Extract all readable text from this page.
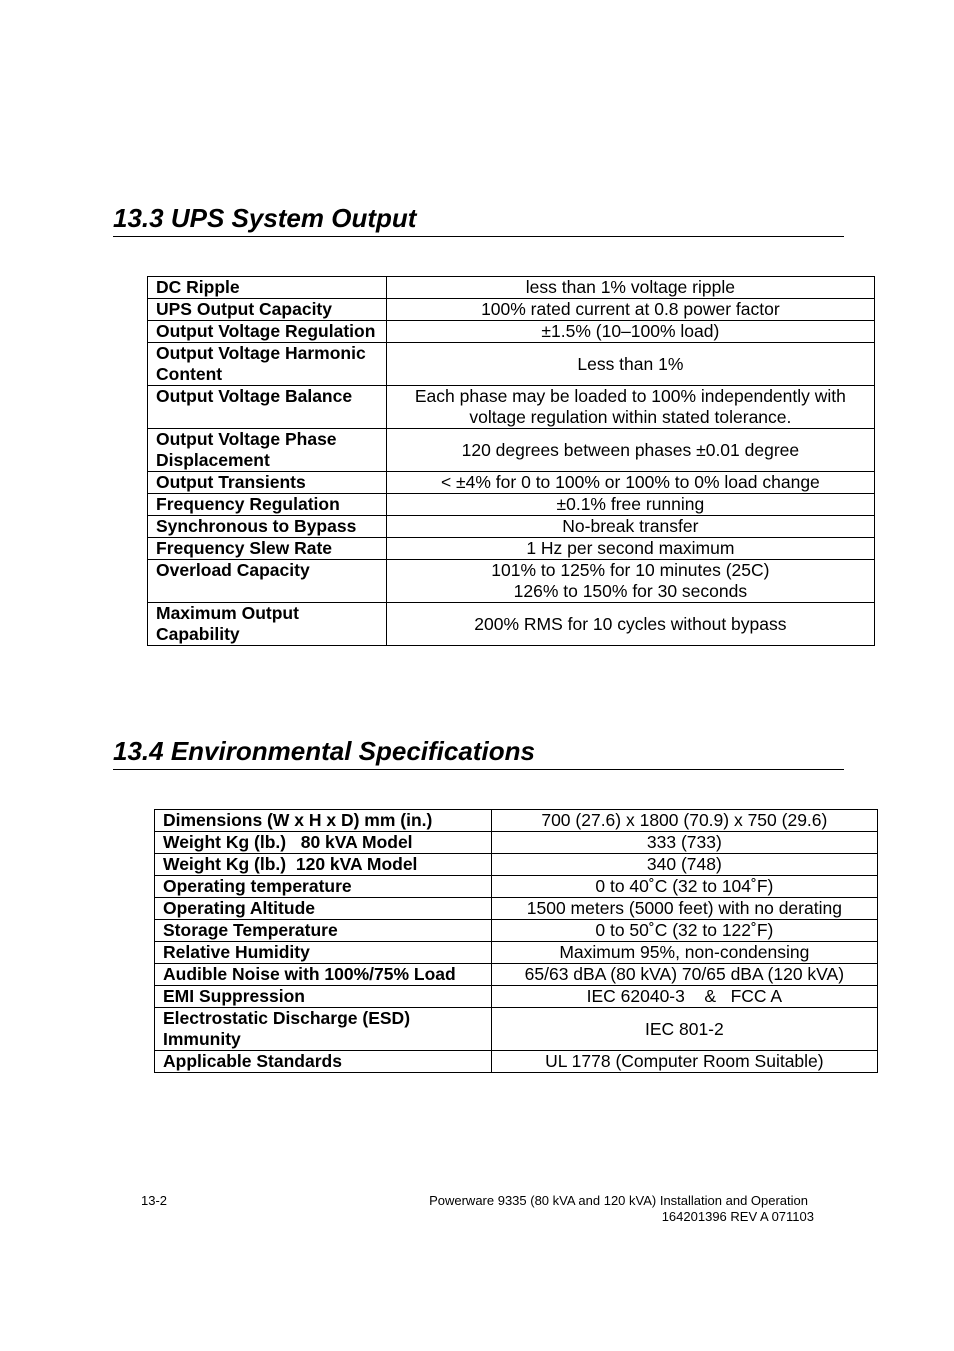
13.3 UPS System Output
DC Ripple	less than 1% voltage ripple
UPS Output Capacity	100% rated current at 0.8 power factor
Output Voltage Regulation	±1.5% (10–100% load)
Output Voltage Harmonic Content	Less than 1%
Output Voltage Balance	Each phase may be loaded to 100% independently with voltage regulation within stated tolerance.
Output Voltage Phase Displacement	120 degrees between phases ±0.01 degree
Output Transients	< ±4% for 0 to 100% or 100% to 0% load change
Frequency Regulation	±0.1% free running
Synchronous to Bypass	No-break transfer
Frequency Slew Rate	1 Hz per second maximum
Overload Capacity	101% to 125% for 10 minutes (25C)
126% to 150% for 30 seconds

Maximum Output Capability	200% RMS for 10 cycles without bypass
13.4 Environmental Specifications
Dimensions (W x H x D) mm (in.)	700 (27.6) x 1800 (70.9) x 750 (29.6)
Weight Kg (lb.)   80 kVA Model	333 (733)
Weight Kg (lb.)  120 kVA Model	340 (748)
Operating temperature	0 to 40˚C (32 to 104˚F)
Operating Altitude	1500 meters (5000 feet) with no derating
Storage Temperature	0 to 50˚C (32 to 122˚F)
Relative Humidity	Maximum 95%, non-condensing
Audible Noise with 100%/75% Load	65/63 dBA (80 kVA) 70/65 dBA (120 kVA)
EMI Suppression	IEC 62040-3    &   FCC A
Electrostatic Discharge (ESD) Immunity	IEC 801-2
Applicable Standards	UL 1778 (Computer Room Suitable)
13-2	Powerware 9335 (80 kVA and 120 kVA) Installation and Operation
164201396 REV A 071103
